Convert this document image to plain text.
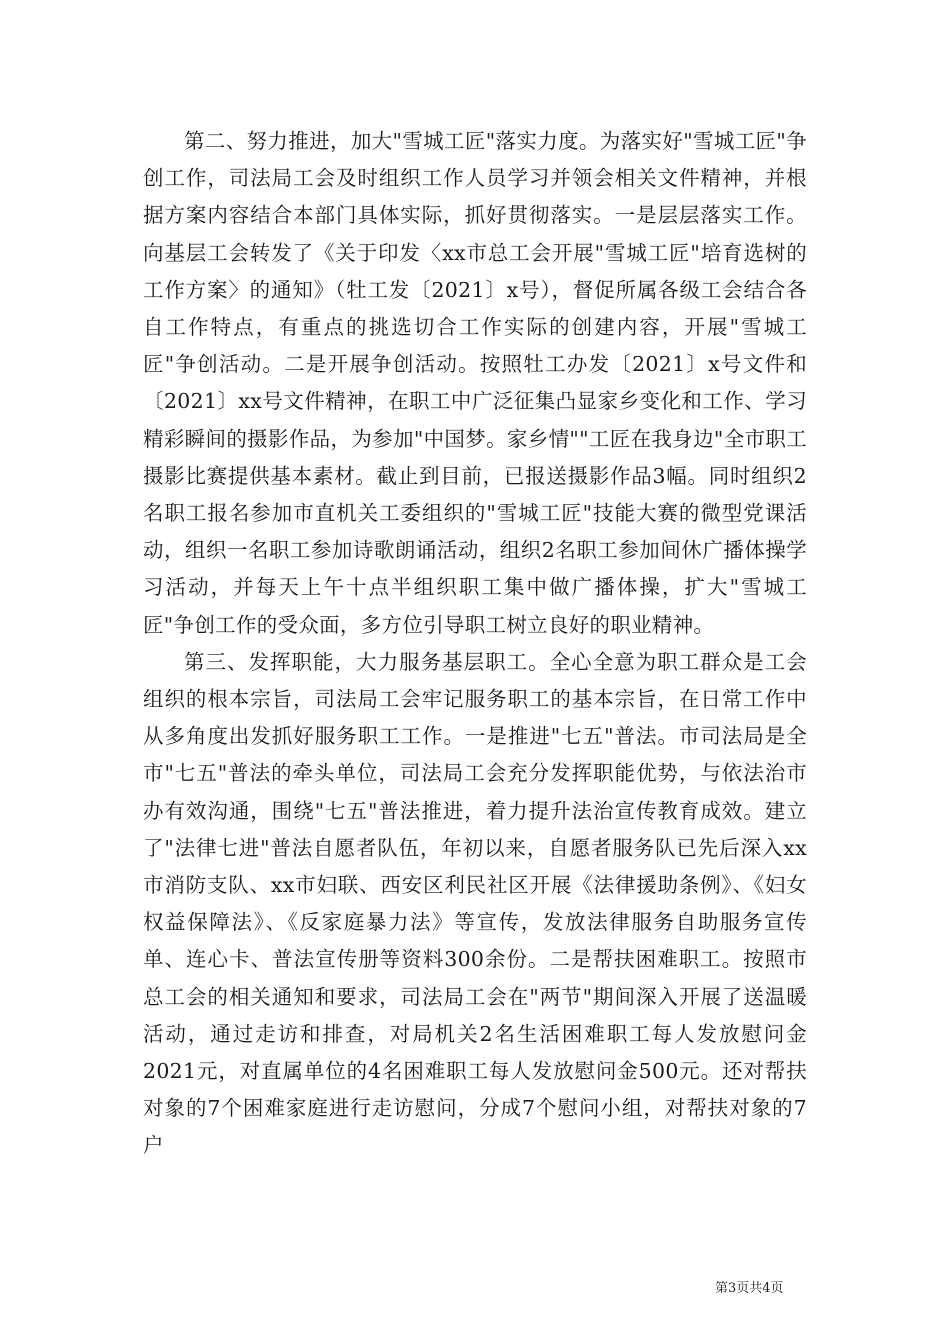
第二、努力推进，加大"雪城工匠"落实力度。为落实好"雪城工匠"争创工作，司法局工会及时组织工作人员学习并领会相关文件精神，并根据方案内容结合本部门具体实际，抓好贯彻落实。一是层层落实工作。向基层工会转发了《关于印发〈xx市总工会开展"雪城工匠"培育选树的工作方案〉的通知》（牡工发〔2021〕x号），督促所属各级工会结合各自工作特点，有重点的挑选切合工作实际的创建内容，开展"雪城工匠"争创活动。二是开展争创活动。按照牡工办发〔2021〕x号文件和〔2021〕xx号文件精神，在职工中广泛征集凸显家乡变化和工作、学习精彩瞬间的摄影作品，为参加"中国梦。家乡情""工匠在我身边"全市职工摄影比赛提供基本素材。截止到目前，已报送摄影作品3幅。同时组织2名职工报名参加市直机关工委组织的"雪城工匠"技能大赛的微型党课活动，组织一名职工参加诗歌朗诵活动，组织2名职工参加间休广播体操学习活动，并每天上午十点半组织职工集中做广播体操，扩大"雪城工匠"争创工作的受众面，多方位引导职工树立良好的职业精神。

第三、发挥职能，大力服务基层职工。全心全意为职工群众是工会组织的根本宗旨，司法局工会牢记服务职工的基本宗旨，在日常工作中从多角度出发抓好服务职工工作。一是推进"七五"普法。市司法局是全市"七五"普法的牵头单位，司法局工会充分发挥职能优势，与依法治市办有效沟通，围绕"七五"普法推进，着力提升法治宣传教育成效。建立了"法律七进"普法自愿者队伍，年初以来，自愿者服务队已先后深入xx市消防支队、xx市妇联、西安区利民社区开展《法律援助条例》、《妇女权益保障法》、《反家庭暴力法》等宣传，发放法律服务自助服务宣传单、连心卡、普法宣传册等资料300余份。二是帮扶困难职工。按照市总工会的相关通知和要求，司法局工会在"两节"期间深入开展了送温暖活动，通过走访和排查，对局机关2名生活困难职工每人发放慰问金2021元，对直属单位的4名困难职工每人发放慰问金500元。还对帮扶对象的7个困难家庭进行走访慰问，分成7个慰问小组，对帮扶对象的7户

第3页共4页
